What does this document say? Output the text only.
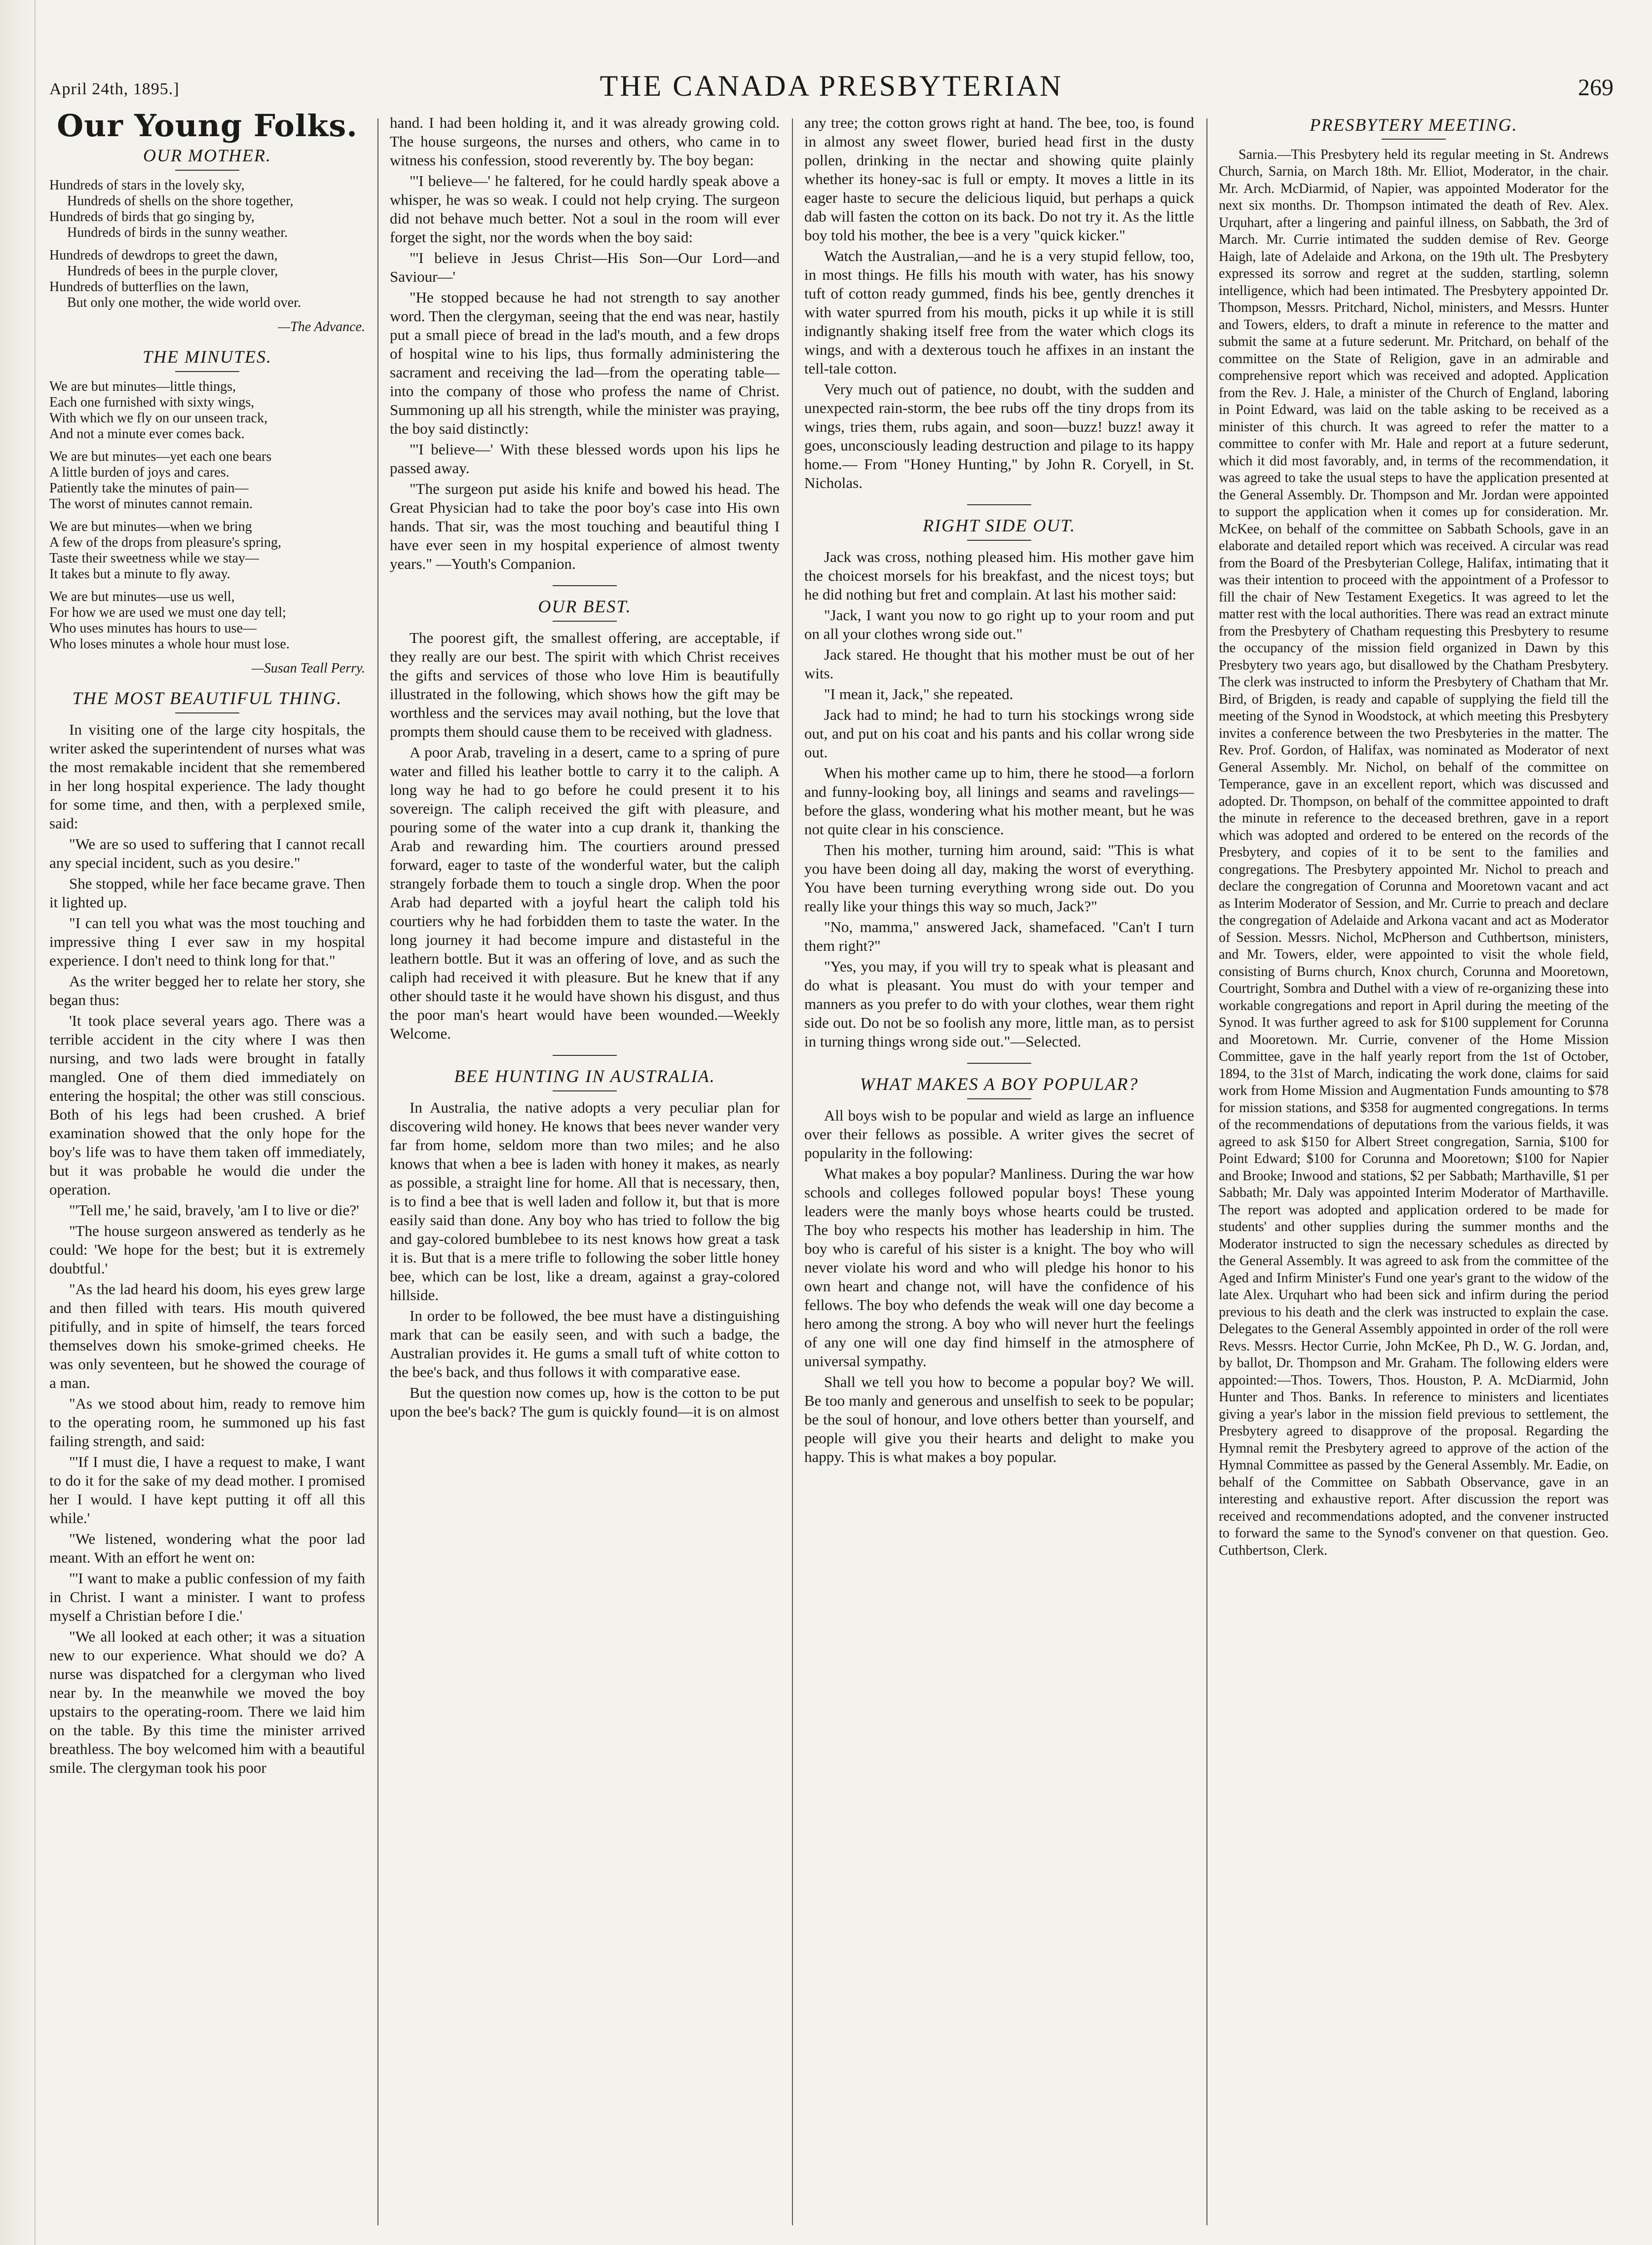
April 24th, 1895.]	THE CANADA PRESBYTERIAN	269
Our Young Folks.
OUR MOTHER.
Hundreds of stars in the lovely sky,
Hundreds of shells on the shore together,
Hundreds of birds that go singing by,
Hundreds of birds in the sunny weather.
Hundreds of dewdrops to greet the dawn,
Hundreds of bees in the purple clover,
Hundreds of butterflies on the lawn,
But only one mother, the wide world over.
—The Advance.
THE MINUTES.
We are but minutes—little things,
Each one furnished with sixty wings,
With which we fly on our unseen track,
And not a minute ever comes back.
We are but minutes—yet each one bears
A little burden of joys and cares.
Patiently take the minutes of pain—
The worst of minutes cannot remain.
We are but minutes—when we bring
A few of the drops from pleasure's spring,
Taste their sweetness while we stay—
It takes but a minute to fly away.
We are but minutes—use us well,
For how we are used we must one day tell;
Who uses minutes has hours to use—
Who loses minutes a whole hour must lose.
—Susan Teall Perry.
THE MOST BEAUTIFUL THING.

In visiting one of the large city hospitals, the writer asked the superintendent of nurses what was the most remakable incident that she remembered in her long hospital experience. The lady thought for some time, and then, with a perplexed smile, said:

"We are so used to suffering that I cannot recall any special incident, such as you desire."

She stopped, while her face became grave. Then it lighted up.

"I can tell you what was the most touching and impressive thing I ever saw in my hospital experience. I don't need to think long for that."

As the writer begged her to relate her story, she began thus:

'It took place several years ago. There was a terrible accident in the city where I was then nursing, and two lads were brought in fatally mangled. One of them died immediately on entering the hospital; the other was still conscious. Both of his legs had been crushed. A brief examination showed that the only hope for the boy's life was to have them taken off immediately, but it was probable he would die under the operation.

"'Tell me,' he said, bravely, 'am I to live or die?'

"The house surgeon answered as tenderly as he could: 'We hope for the best; but it is extremely doubtful.'

"As the lad heard his doom, his eyes grew large and then filled with tears. His mouth quivered pitifully, and in spite of himself, the tears forced themselves down his smoke-grimed cheeks. He was only seventeen, but he showed the courage of a man.

"As we stood about him, ready to remove him to the operating room, he summoned up his fast failing strength, and said:

"'If I must die, I have a request to make, I want to do it for the sake of my dead mother. I promised her I would. I have kept putting it off all this while.'

"We listened, wondering what the poor lad meant. With an effort he went on:

"'I want to make a public confession of my faith in Christ. I want a minister. I want to profess myself a Christian before I die.'

"We all looked at each other; it was a situation new to our experience. What should we do? A nurse was dispatched for a clergyman who lived near by. In the meanwhile we moved the boy upstairs to the operating-room. There we laid him on the table. By this time the minister arrived breathless. The boy welcomed him with a beautiful smile. The clergyman took his poor

hand. I had been holding it, and it was already growing cold. The house surgeons, the nurses and others, who came in to witness his confession, stood reverently by. The boy began:

"'I believe—' he faltered, for he could hardly speak above a whisper, he was so weak. I could not help crying. The surgeon did not behave much better. Not a soul in the room will ever forget the sight, nor the words when the boy said:

"'I believe in Jesus Christ—His Son—Our Lord—and Saviour—'

"He stopped because he had not strength to say another word. Then the clergyman, seeing that the end was near, hastily put a small piece of bread in the lad's mouth, and a few drops of hospital wine to his lips, thus formally administering the sacrament and receiving the lad—from the operating table—into the company of those who profess the name of Christ. Summoning up all his strength, while the minister was praying, the boy said distinctly:

"'I believe—' With these blessed words upon his lips he passed away.

"The surgeon put aside his knife and bowed his head. The Great Physician had to take the poor boy's case into His own hands. That sir, was the most touching and beautiful thing I have ever seen in my hospital experience of almost twenty years." —Youth's Companion.

OUR BEST.

The poorest gift, the smallest offering, are acceptable, if they really are our best. The spirit with which Christ receives the gifts and services of those who love Him is beautifully illustrated in the following, which shows how the gift may be worthless and the services may avail nothing, but the love that prompts them should cause them to be received with gladness.

A poor Arab, traveling in a desert, came to a spring of pure water and filled his leather bottle to carry it to the caliph. A long way he had to go before he could present it to his sovereign. The caliph received the gift with pleasure, and pouring some of the water into a cup drank it, thanking the Arab and rewarding him. The courtiers around pressed forward, eager to taste of the wonderful water, but the caliph strangely forbade them to touch a single drop. When the poor Arab had departed with a joyful heart the caliph told his courtiers why he had forbidden them to taste the water. In the long journey it had become impure and distasteful in the leathern bottle. But it was an offering of love, and as such the caliph had received it with pleasure. But he knew that if any other should taste it he would have shown his disgust, and thus the poor man's heart would have been wounded.—Weekly Welcome.

BEE HUNTING IN AUSTRALIA.

In Australia, the native adopts a very peculiar plan for discovering wild honey. He knows that bees never wander very far from home, seldom more than two miles; and he also knows that when a bee is laden with honey it makes, as nearly as possible, a straight line for home. All that is necessary, then, is to find a bee that is well laden and follow it, but that is more easily said than done. Any boy who has tried to follow the big and gay-colored bumblebee to its nest knows how great a task it is. But that is a mere trifle to following the sober little honey bee, which can be lost, like a dream, against a gray-colored hillside.

In order to be followed, the bee must have a distinguishing mark that can be easily seen, and with such a badge, the Australian provides it. He gums a small tuft of white cotton to the bee's back, and thus follows it with comparative ease.

But the question now comes up, how is the cotton to be put upon the bee's back? The gum is quickly found—it is on almost

any tree; the cotton grows right at hand. The bee, too, is found in almost any sweet flower, buried head first in the dusty pollen, drinking in the nectar and showing quite plainly whether its honey-sac is full or empty. It moves a little in its eager haste to secure the delicious liquid, but perhaps a quick dab will fasten the cotton on its back. Do not try it. As the little boy told his mother, the bee is a very "quick kicker."

Watch the Australian,—and he is a very stupid fellow, too, in most things. He fills his mouth with water, has his snowy tuft of cotton ready gummed, finds his bee, gently drenches it with water spurred from his mouth, picks it up while it is still indignantly shaking itself free from the water which clogs its wings, and with a dexterous touch he affixes in an instant the tell-tale cotton.

Very much out of patience, no doubt, with the sudden and unexpected rain-storm, the bee rubs off the tiny drops from its wings, tries them, rubs again, and soon—buzz! buzz! away it goes, unconsciously leading destruction and pilage to its happy home.— From "Honey Hunting," by John R. Coryell, in St. Nicholas.

RIGHT SIDE OUT.

Jack was cross, nothing pleased him. His mother gave him the choicest morsels for his breakfast, and the nicest toys; but he did nothing but fret and complain. At last his mother said:

"Jack, I want you now to go right up to your room and put on all your clothes wrong side out."

Jack stared. He thought that his mother must be out of her wits.

"I mean it, Jack," she repeated.

Jack had to mind; he had to turn his stockings wrong side out, and put on his coat and his pants and his collar wrong side out.

When his mother came up to him, there he stood—a forlorn and funny-looking boy, all linings and seams and ravelings—before the glass, wondering what his mother meant, but he was not quite clear in his conscience.

Then his mother, turning him around, said: "This is what you have been doing all day, making the worst of everything. You have been turning everything wrong side out. Do you really like your things this way so much, Jack?"

"No, mamma," answered Jack, shamefaced. "Can't I turn them right?"

"Yes, you may, if you will try to speak what is pleasant and do what is pleasant. You must do with your temper and manners as you prefer to do with your clothes, wear them right side out. Do not be so foolish any more, little man, as to persist in turning things wrong side out."—Selected.

WHAT MAKES A BOY POPULAR?

All boys wish to be popular and wield as large an influence over their fellows as possible. A writer gives the secret of popularity in the following:

What makes a boy popular? Manliness. During the war how schools and colleges followed popular boys! These young leaders were the manly boys whose hearts could be trusted. The boy who respects his mother has leadership in him. The boy who is careful of his sister is a knight. The boy who will never violate his word and who will pledge his honor to his own heart and change not, will have the confidence of his fellows. The boy who defends the weak will one day become a hero among the strong. A boy who will never hurt the feelings of any one will one day find himself in the atmosphere of universal sympathy.

Shall we tell you how to become a popular boy? We will. Be too manly and generous and unselfish to seek to be popular; be the soul of honour, and love others better than yourself, and people will give you their hearts and delight to make you happy. This is what makes a boy popular.

PRESBYTERY MEETING.

Sarnia.—This Presbytery held its regular meeting in St. Andrews Church, Sarnia, on March 18th. Mr. Elliot, Moderator, in the chair. Mr. Arch. McDiarmid, of Napier, was appointed Moderator for the next six months. Dr. Thompson intimated the death of Rev. Alex. Urquhart, after a lingering and painful illness, on Sabbath, the 3rd of March. Mr. Currie intimated the sudden demise of Rev. George Haigh, late of Adelaide and Arkona, on the 19th ult. The Presbytery expressed its sorrow and regret at the sudden, startling, solemn intelligence, which had been intimated. The Presbytery appointed Dr. Thompson, Messrs. Pritchard, Nichol, ministers, and Messrs. Hunter and Towers, elders, to draft a minute in reference to the matter and submit the same at a future sederunt. Mr. Pritchard, on behalf of the committee on the State of Religion, gave in an admirable and comprehensive report which was received and adopted. Application from the Rev. J. Hale, a minister of the Church of England, laboring in Point Edward, was laid on the table asking to be received as a minister of this church. It was agreed to refer the matter to a committee to confer with Mr. Hale and report at a future sederunt, which it did most favorably, and, in terms of the recommendation, it was agreed to take the usual steps to have the application presented at the General Assembly. Dr. Thompson and Mr. Jordan were appointed to support the application when it comes up for consideration. Mr. McKee, on behalf of the committee on Sabbath Schools, gave in an elaborate and detailed report which was received. A circular was read from the Board of the Presbyterian College, Halifax, intimating that it was their intention to proceed with the appointment of a Professor to fill the chair of New Testament Exegetics. It was agreed to let the matter rest with the local authorities. There was read an extract minute from the Presbytery of Chatham requesting this Presbytery to resume the occupancy of the mission field organized in Dawn by this Presbytery two years ago, but disallowed by the Chatham Presbytery. The clerk was instructed to inform the Presbytery of Chatham that Mr. Bird, of Brigden, is ready and capable of supplying the field till the meeting of the Synod in Woodstock, at which meeting this Presbytery invites a conference between the two Presbyteries in the matter. The Rev. Prof. Gordon, of Halifax, was nominated as Moderator of next General Assembly. Mr. Nichol, on behalf of the committee on Temperance, gave in an excellent report, which was discussed and adopted. Dr. Thompson, on behalf of the committee appointed to draft the minute in reference to the deceased brethren, gave in a report which was adopted and ordered to be entered on the records of the Presbytery, and copies of it to be sent to the families and congregations. The Presbytery appointed Mr. Nichol to preach and declare the congregation of Corunna and Mooretown vacant and act as Interim Moderator of Session, and Mr. Currie to preach and declare the congregation of Adelaide and Arkona vacant and act as Moderator of Session. Messrs. Nichol, McPherson and Cuthbertson, ministers, and Mr. Towers, elder, were appointed to visit the whole field, consisting of Burns church, Knox church, Corunna and Mooretown, Courtright, Sombra and Duthel with a view of re-organizing these into workable congregations and report in April during the meeting of the Synod. It was further agreed to ask for $100 supplement for Corunna and Mooretown. Mr. Currie, convener of the Home Mission Committee, gave in the half yearly report from the 1st of October, 1894, to the 31st of March, indicating the work done, claims for said work from Home Mission and Augmentation Funds amounting to $78 for mission stations, and $358 for augmented congregations. In terms of the recommendations of deputations from the various fields, it was agreed to ask $150 for Albert Street congregation, Sarnia, $100 for Point Edward; $100 for Corunna and Mooretown; $100 for Napier and Brooke; Inwood and stations, $2 per Sabbath; Marthaville, $1 per Sabbath; Mr. Daly was appointed Interim Moderator of Marthaville. The report was adopted and application ordered to be made for students' and other supplies during the summer months and the Moderator instructed to sign the necessary schedules as directed by the General Assembly. It was agreed to ask from the committee of the Aged and Infirm Minister's Fund one year's grant to the widow of the late Alex. Urquhart who had been sick and infirm during the period previous to his death and the clerk was instructed to explain the case. Delegates to the General Assembly appointed in order of the roll were Revs. Messrs. Hector Currie, John McKee, Ph D., W. G. Jordan, and, by ballot, Dr. Thompson and Mr. Graham. The following elders were appointed:—Thos. Towers, Thos. Houston, P. A. McDiarmid, John Hunter and Thos. Banks. In reference to ministers and licentiates giving a year's labor in the mission field previous to settlement, the Presbytery agreed to disapprove of the proposal. Regarding the Hymnal remit the Presbytery agreed to approve of the action of the Hymnal Committee as passed by the General Assembly. Mr. Eadie, on behalf of the Committee on Sabbath Observance, gave in an interesting and exhaustive report. After discussion the report was received and recommendations adopted, and the convener instructed to forward the same to the Synod's convener on that question. Geo. Cuthbertson, Clerk.
